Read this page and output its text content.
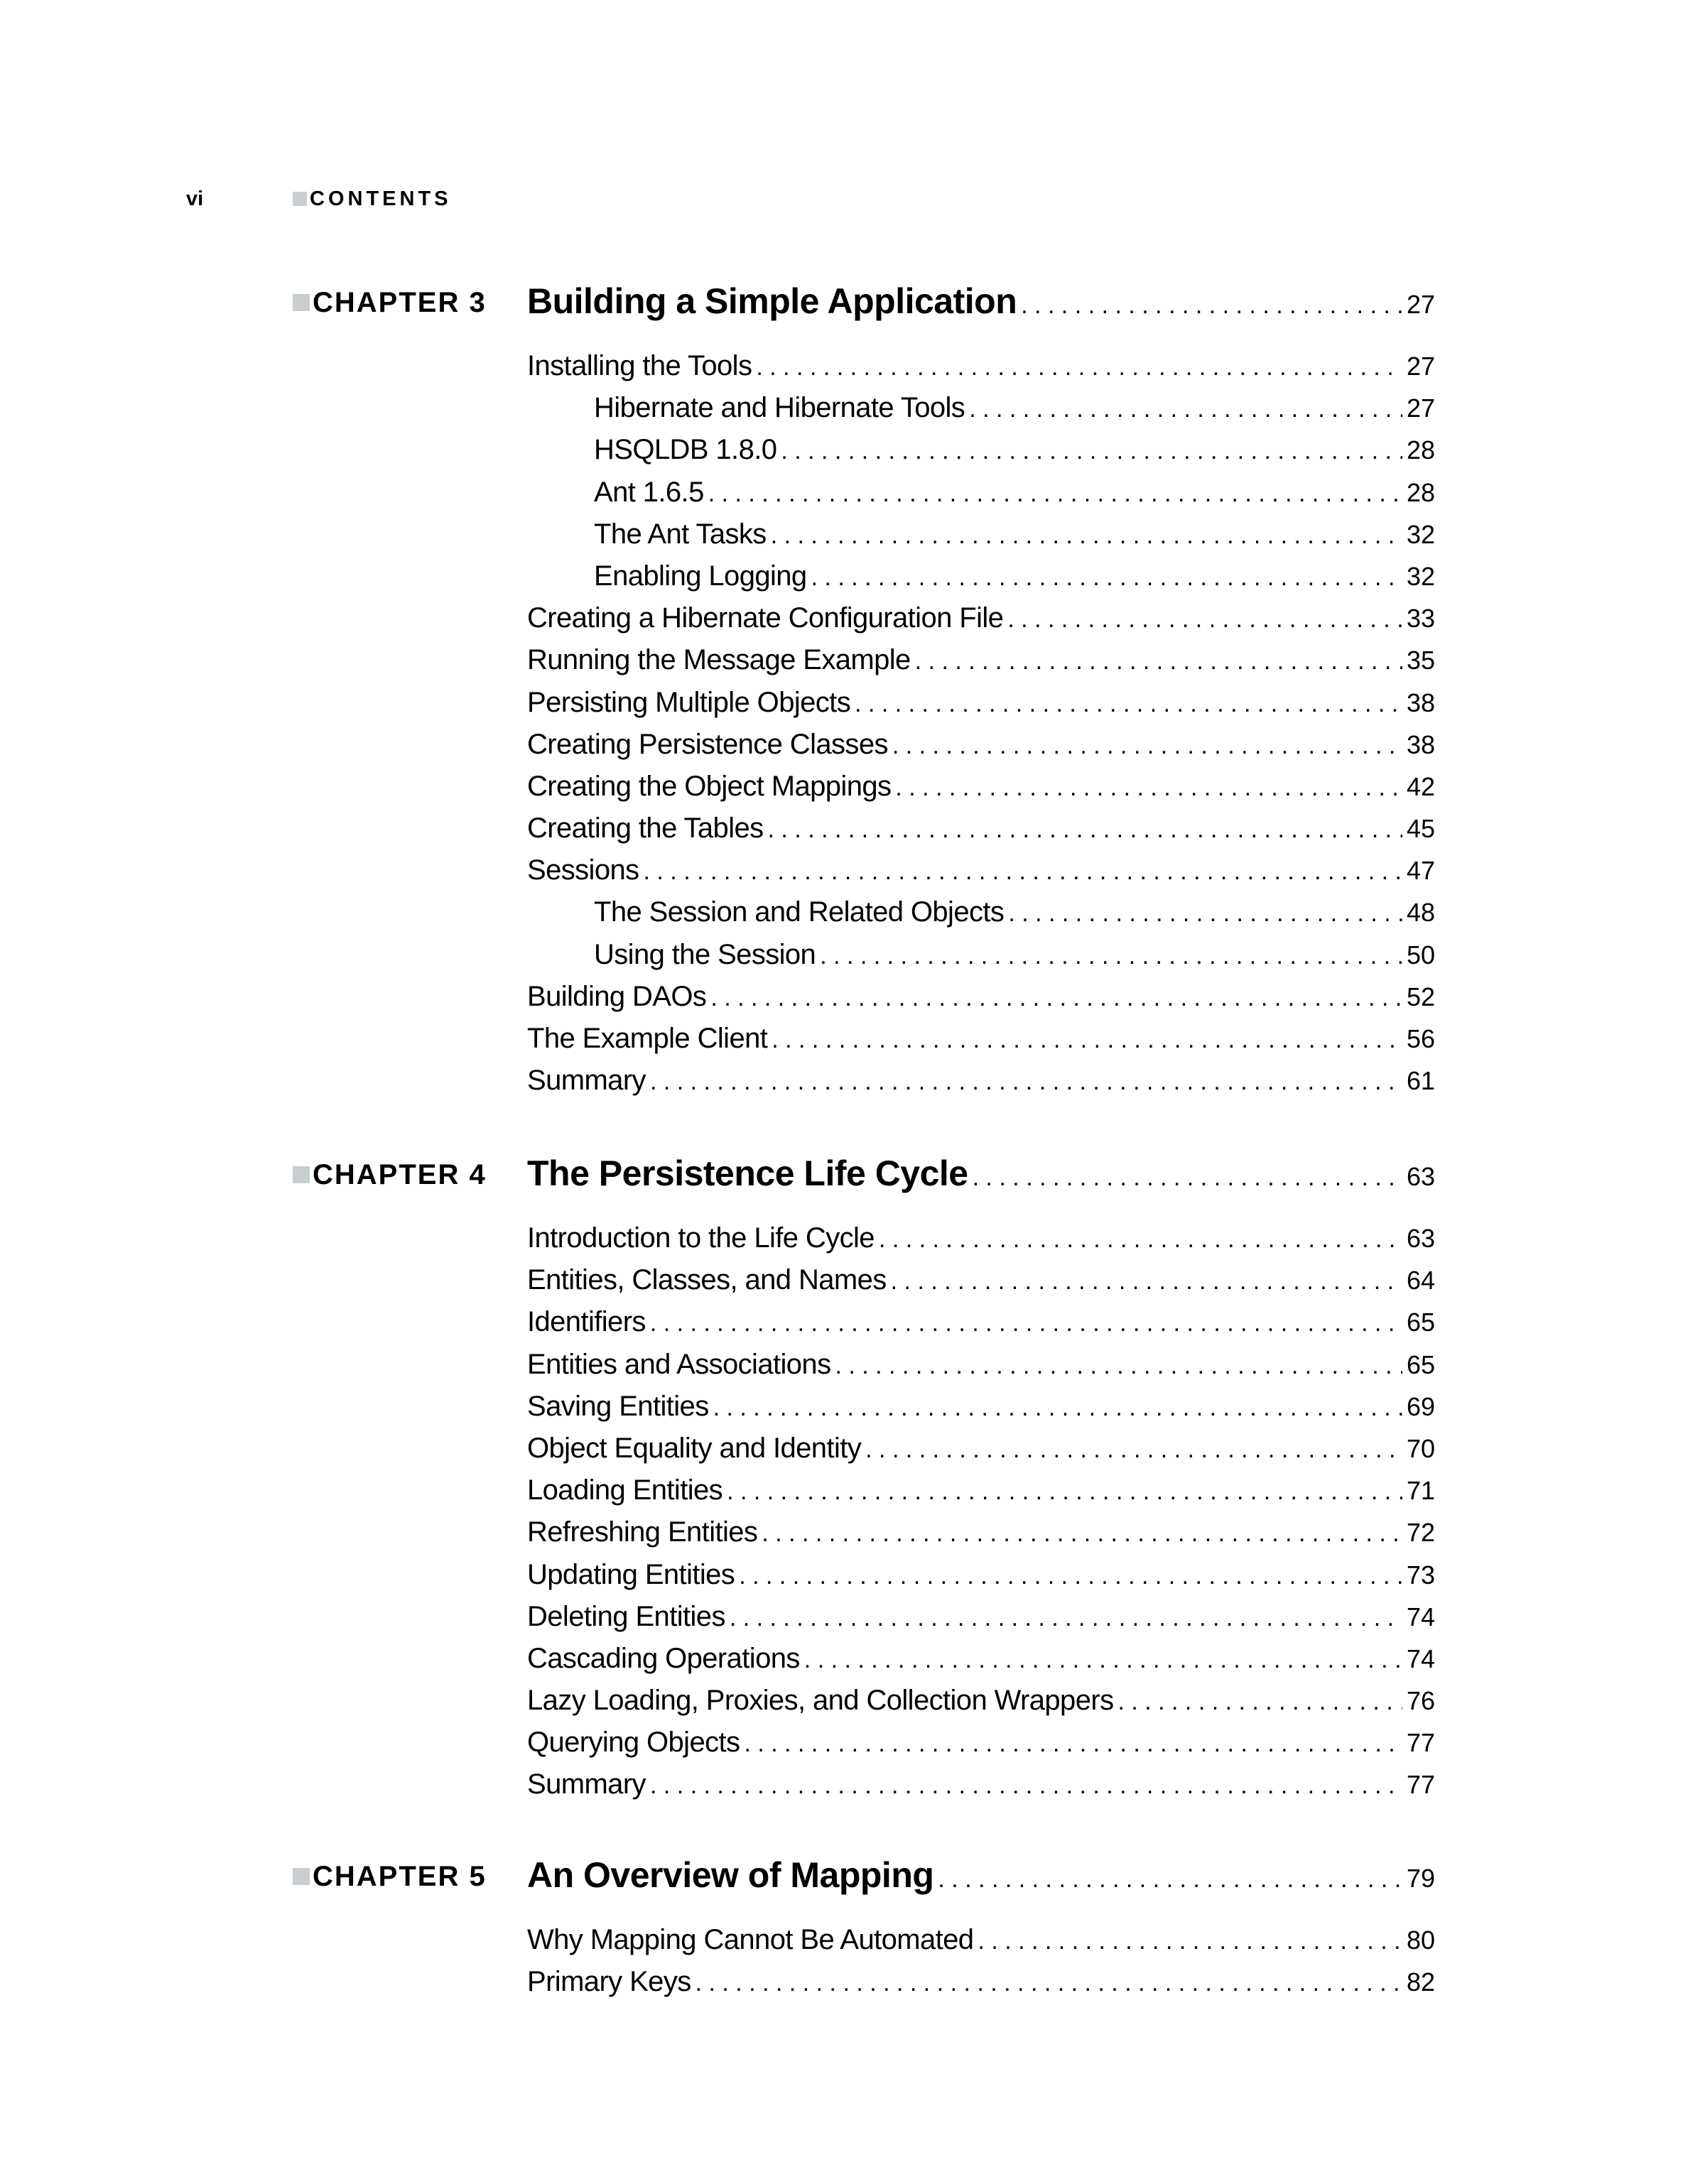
vi	CONTENTS
CHAPTER 3 Building a Simple Application . . .	27
Installing the Tools . . .	27
Hibernate and Hibernate Tools . . .	27
HSQLDB 1.8.0 . . .	28
Ant 1.6.5 . . .	28
The Ant Tasks . . .	32
Enabling Logging . . .	32
Creating a Hibernate Configuration File . . .	33
Running the Message Example . . .	35
Persisting Multiple Objects . . .	38
Creating Persistence Classes . . .	38
Creating the Object Mappings . . .	42
Creating the Tables . . .	45
Sessions . . .	47
The Session and Related Objects . . .	48
Using the Session . . .	50
Building DAOs . . .	52
The Example Client . . .	56
Summary . . .	61
CHAPTER 4 The Persistence Life Cycle . . .	63
Introduction to the Life Cycle . . .	63
Entities, Classes, and Names . . .	64
Identifiers . . .	65
Entities and Associations . . .	65
Saving Entities . . .	69
Object Equality and Identity . . .	70
Loading Entities . . .	71
Refreshing Entities . . .	72
Updating Entities . . .	73
Deleting Entities . . .	74
Cascading Operations . . .	74
Lazy Loading, Proxies, and Collection Wrappers . . .	76
Querying Objects . . .	77
Summary . . .	77
CHAPTER 5 An Overview of Mapping . . .	79
Why Mapping Cannot Be Automated . . .	80
Primary Keys . . .	82
